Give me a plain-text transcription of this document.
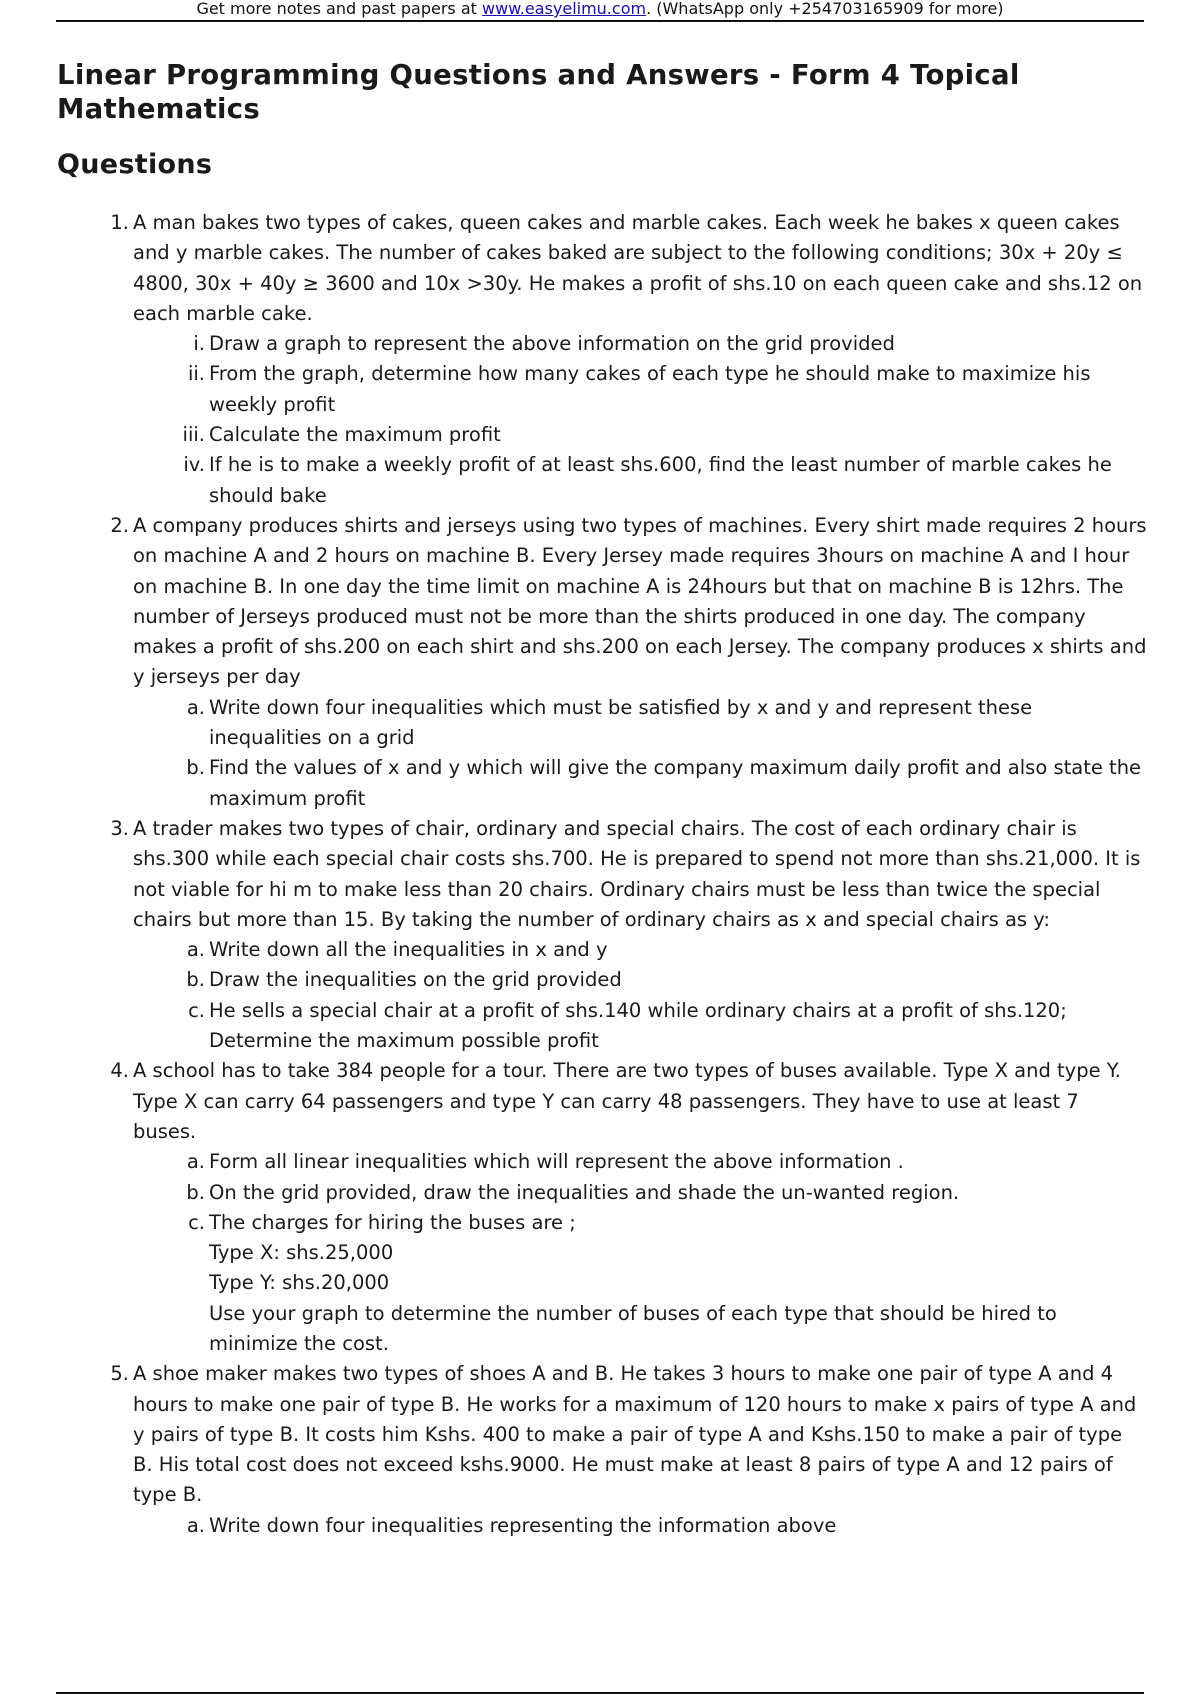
Get more notes and past papers at www.easyelimu.com. (WhatsApp only +254703165909 for more)
Linear Programming Questions and Answers - Form 4 Topical Mathematics
Questions
1. A man bakes two types of cakes, queen cakes and marble cakes. Each week he bakes x queen cakes and y marble cakes. The number of cakes baked are subject to the following conditions; 30x + 20y ≤ 4800, 30x + 40y ≥ 3600 and 10x >30y. He makes a profit of shs.10 on each queen cake and shs.12 on each marble cake.
i. Draw a graph to represent the above information on the grid provided
ii. From the graph, determine how many cakes of each type he should make to maximize his weekly profit
iii. Calculate the maximum profit
iv. If he is to make a weekly profit of at least shs.600, find the least number of marble cakes he should bake
2. A company produces shirts and jerseys using two types of machines. Every shirt made requires 2 hours on machine A and 2 hours on machine B. Every Jersey made requires 3hours on machine A and I hour on machine B. In one day the time limit on machine A is 24hours but that on machine B is 12hrs. The number of Jerseys produced must not be more than the shirts produced in one day. The company makes a profit of shs.200 on each shirt and shs.200 on each Jersey. The company produces x shirts and y jerseys per day
a. Write down four inequalities which must be satisfied by x and y and represent these inequalities on a grid
b. Find the values of x and y which will give the company maximum daily profit and also state the maximum profit
3. A trader makes two types of chair, ordinary and special chairs. The cost of each ordinary chair is shs.300 while each special chair costs shs.700. He is prepared to spend not more than shs.21,000. It is not viable for hi m to make less than 20 chairs. Ordinary chairs must be less than twice the special chairs but more than 15. By taking the number of ordinary chairs as x and special chairs as y:
a. Write down all the inequalities in x and y
b. Draw the inequalities on the grid provided
c. He sells a special chair at a profit of shs.140 while ordinary chairs at a profit of shs.120; Determine the maximum possible profit
4. A school has to take 384 people for a tour. There are two types of buses available. Type X and type Y. Type X can carry 64 passengers and type Y can carry 48 passengers. They have to use at least 7 buses.
a. Form all linear inequalities which will represent the above information .
b. On the grid provided, draw the inequalities and shade the un-wanted region.
c. The charges for hiring the buses are ;
Type X: shs.25,000
Type Y: shs.20,000
Use your graph to determine the number of buses of each type that should be hired to minimize the cost.
5. A shoe maker makes two types of shoes A and B. He takes 3 hours to make one pair of type A and 4 hours to make one pair of type B. He works for a maximum of 120 hours to make x pairs of type A and y pairs of type B. It costs him Kshs. 400 to make a pair of type A and Kshs.150 to make a pair of type B. His total cost does not exceed kshs.9000. He must make at least 8 pairs of type A and 12 pairs of type B.
a. Write down four inequalities representing the information above
